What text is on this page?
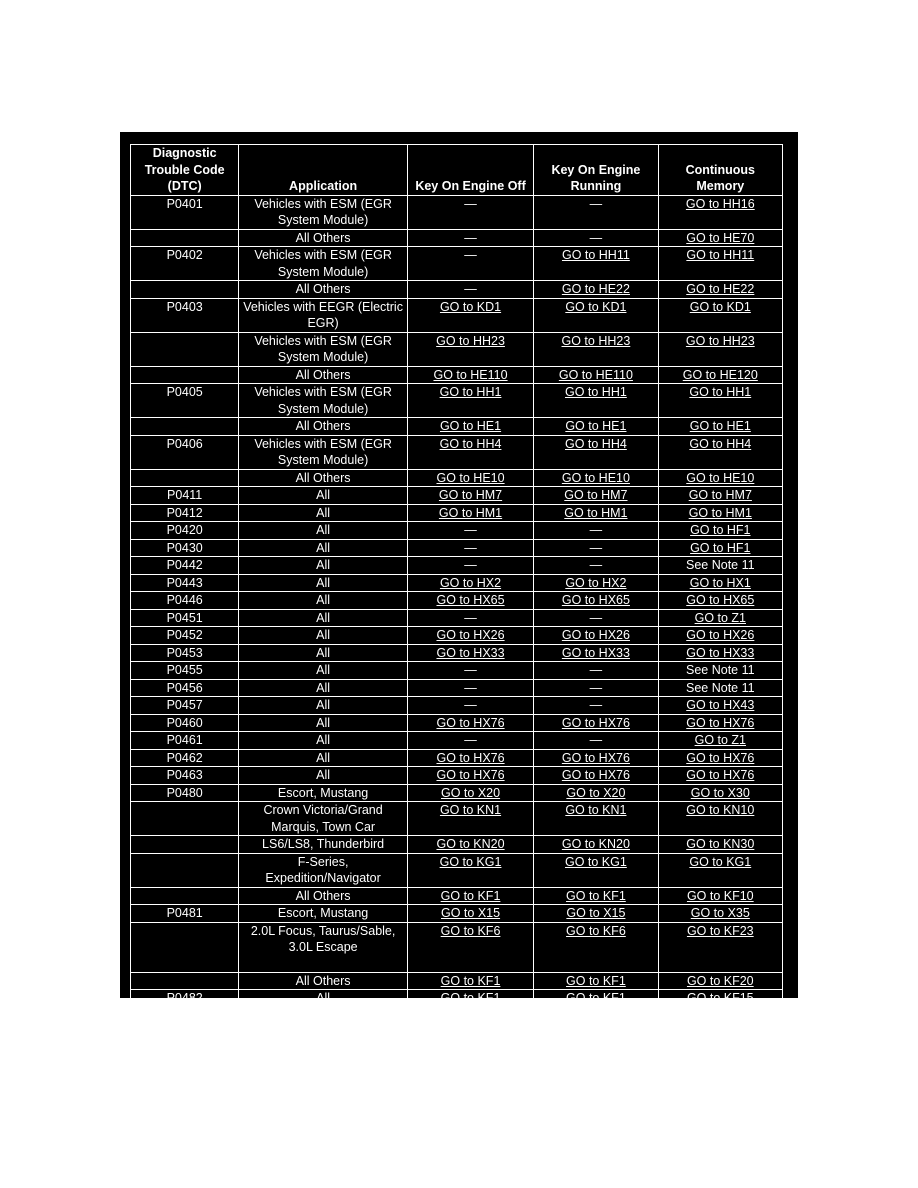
Diagnostic Trouble Code (DTC)	Application	Key On Engine Off	Key On Engine Running	Continuous Memory
P0401	Vehicles with ESM (EGR System Module)	—	—	GO to HH16
	All Others	—	—	GO to HE70
P0402	Vehicles with ESM (EGR System Module)	—	GO to HH11	GO to HH11
	All Others	—	GO to HE22	GO to HE22
P0403	Vehicles with EEGR (Electric EGR)	GO to KD1	GO to KD1	GO to KD1
	Vehicles with ESM (EGR System Module)	GO to HH23	GO to HH23	GO to HH23
	All Others	GO to HE110	GO to HE110	GO to HE120
P0405	Vehicles with ESM (EGR System Module)	GO to HH1	GO to HH1	GO to HH1
	All Others	GO to HE1	GO to HE1	GO to HE1
P0406	Vehicles with ESM (EGR System Module)	GO to HH4	GO to HH4	GO to HH4
	All Others	GO to HE10	GO to HE10	GO to HE10
P0411	All	GO to HM7	GO to HM7	GO to HM7
P0412	All	GO to HM1	GO to HM1	GO to HM1
P0420	All	—	—	GO to HF1
P0430	All	—	—	GO to HF1
P0442	All	—	—	See Note 11
P0443	All	GO to HX2	GO to HX2	GO to HX1
P0446	All	GO to HX65	GO to HX65	GO to HX65
P0451	All	—	—	GO to Z1
P0452	All	GO to HX26	GO to HX26	GO to HX26
P0453	All	GO to HX33	GO to HX33	GO to HX33
P0455	All	—	—	See Note 11
P0456	All	—	—	See Note 11
P0457	All	—	—	GO to HX43
P0460	All	GO to HX76	GO to HX76	GO to HX76
P0461	All	—	—	GO to Z1
P0462	All	GO to HX76	GO to HX76	GO to HX76
P0463	All	GO to HX76	GO to HX76	GO to HX76
P0480	Escort, Mustang	GO to X20	GO to X20	GO to X30
	Crown Victoria/Grand Marquis, Town Car	GO to KN1	GO to KN1	GO to KN10
	LS6/LS8, Thunderbird	GO to KN20	GO to KN20	GO to KN30
	F-Series, Expedition/Navigator	GO to KG1	GO to KG1	GO to KG1
	All Others	GO to KF1	GO to KF1	GO to KF10
P0481	Escort, Mustang	GO to X15	GO to X15	GO to X35
	2.0L Focus, Taurus/Sable, 3.0L Escape	GO to KF6	GO to KF6	GO to KF23
	All Others	GO to KF1	GO to KF1	GO to KF20
P0482	All	GO to KF1	GO to KF1	GO to KF15
